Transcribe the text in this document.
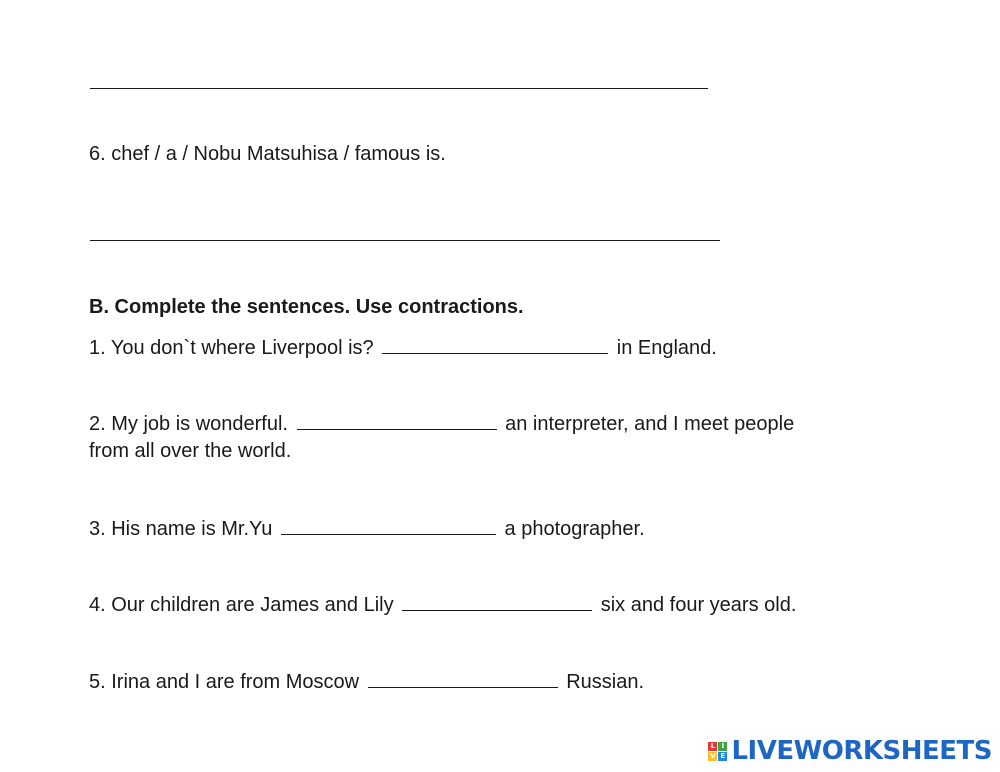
6. chef / a / Nobu Matsuhisa / famous is.
B. Complete the sentences. Use contractions.
1. You don`t where Liverpool is?	in England.
2. My job is wonderful.	an interpreter, and I meet people
from all over the world.
3. His name is Mr.Yu	a photographer.
4. Our children are James and Lily	six and four years old.
5. Irina and I are from Moscow	Russian.
L I
V E LIVEWORKSHEETS
